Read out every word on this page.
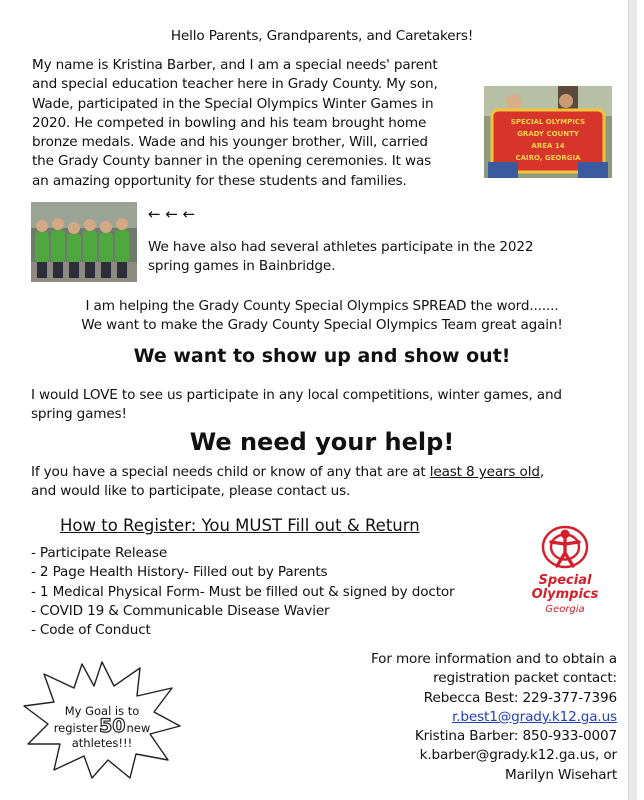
Hello Parents, Grandparents, and Caretakers!
My name is Kristina Barber, and I am a special needs' parent
and special education teacher here in Grady County. My son,
Wade, participated in the Special Olympics Winter Games in
2020. He competed in bowling and his team brought home
bronze medals. Wade and his younger brother, Will, carried
the Grady County banner in the opening ceremonies. It was
an amazing opportunity for these students and families.
SPECIAL OLYMPICS
GRADY COUNTY
AREA 14
CAIRO, GEORGIA
← ← ←
We have also had several athletes participate in the 2022
spring games in Bainbridge.
I am helping the Grady County Special Olympics SPREAD the word.......
We want to make the Grady County Special Olympics Team great again!
We want to show up and show out!
I would LOVE to see us participate in any local competitions, winter games, and
spring games!
We need your help!
If you have a special needs child or know of any that are at least 8 years old,
and would like to participate, please contact us.
How to Register: You MUST Fill out & Return
- Participate Release
- 2 Page Health History- Filled out by Parents
- 1 Medical Physical Form- Must be filled out & signed by doctor
- COVID 19 & Communicable Disease Wavier
- Code of Conduct
Special
Olympics
Georgia
My Goal is to
register50new
athletes!!!
For more information and to obtain a
registration packet contact:
Rebecca Best: 229-377-7396
r.best1@grady.k12.ga.us
Kristina Barber: 850-933-0007
k.barber@grady.k12.ga.us, or
Marilyn Wisehart
